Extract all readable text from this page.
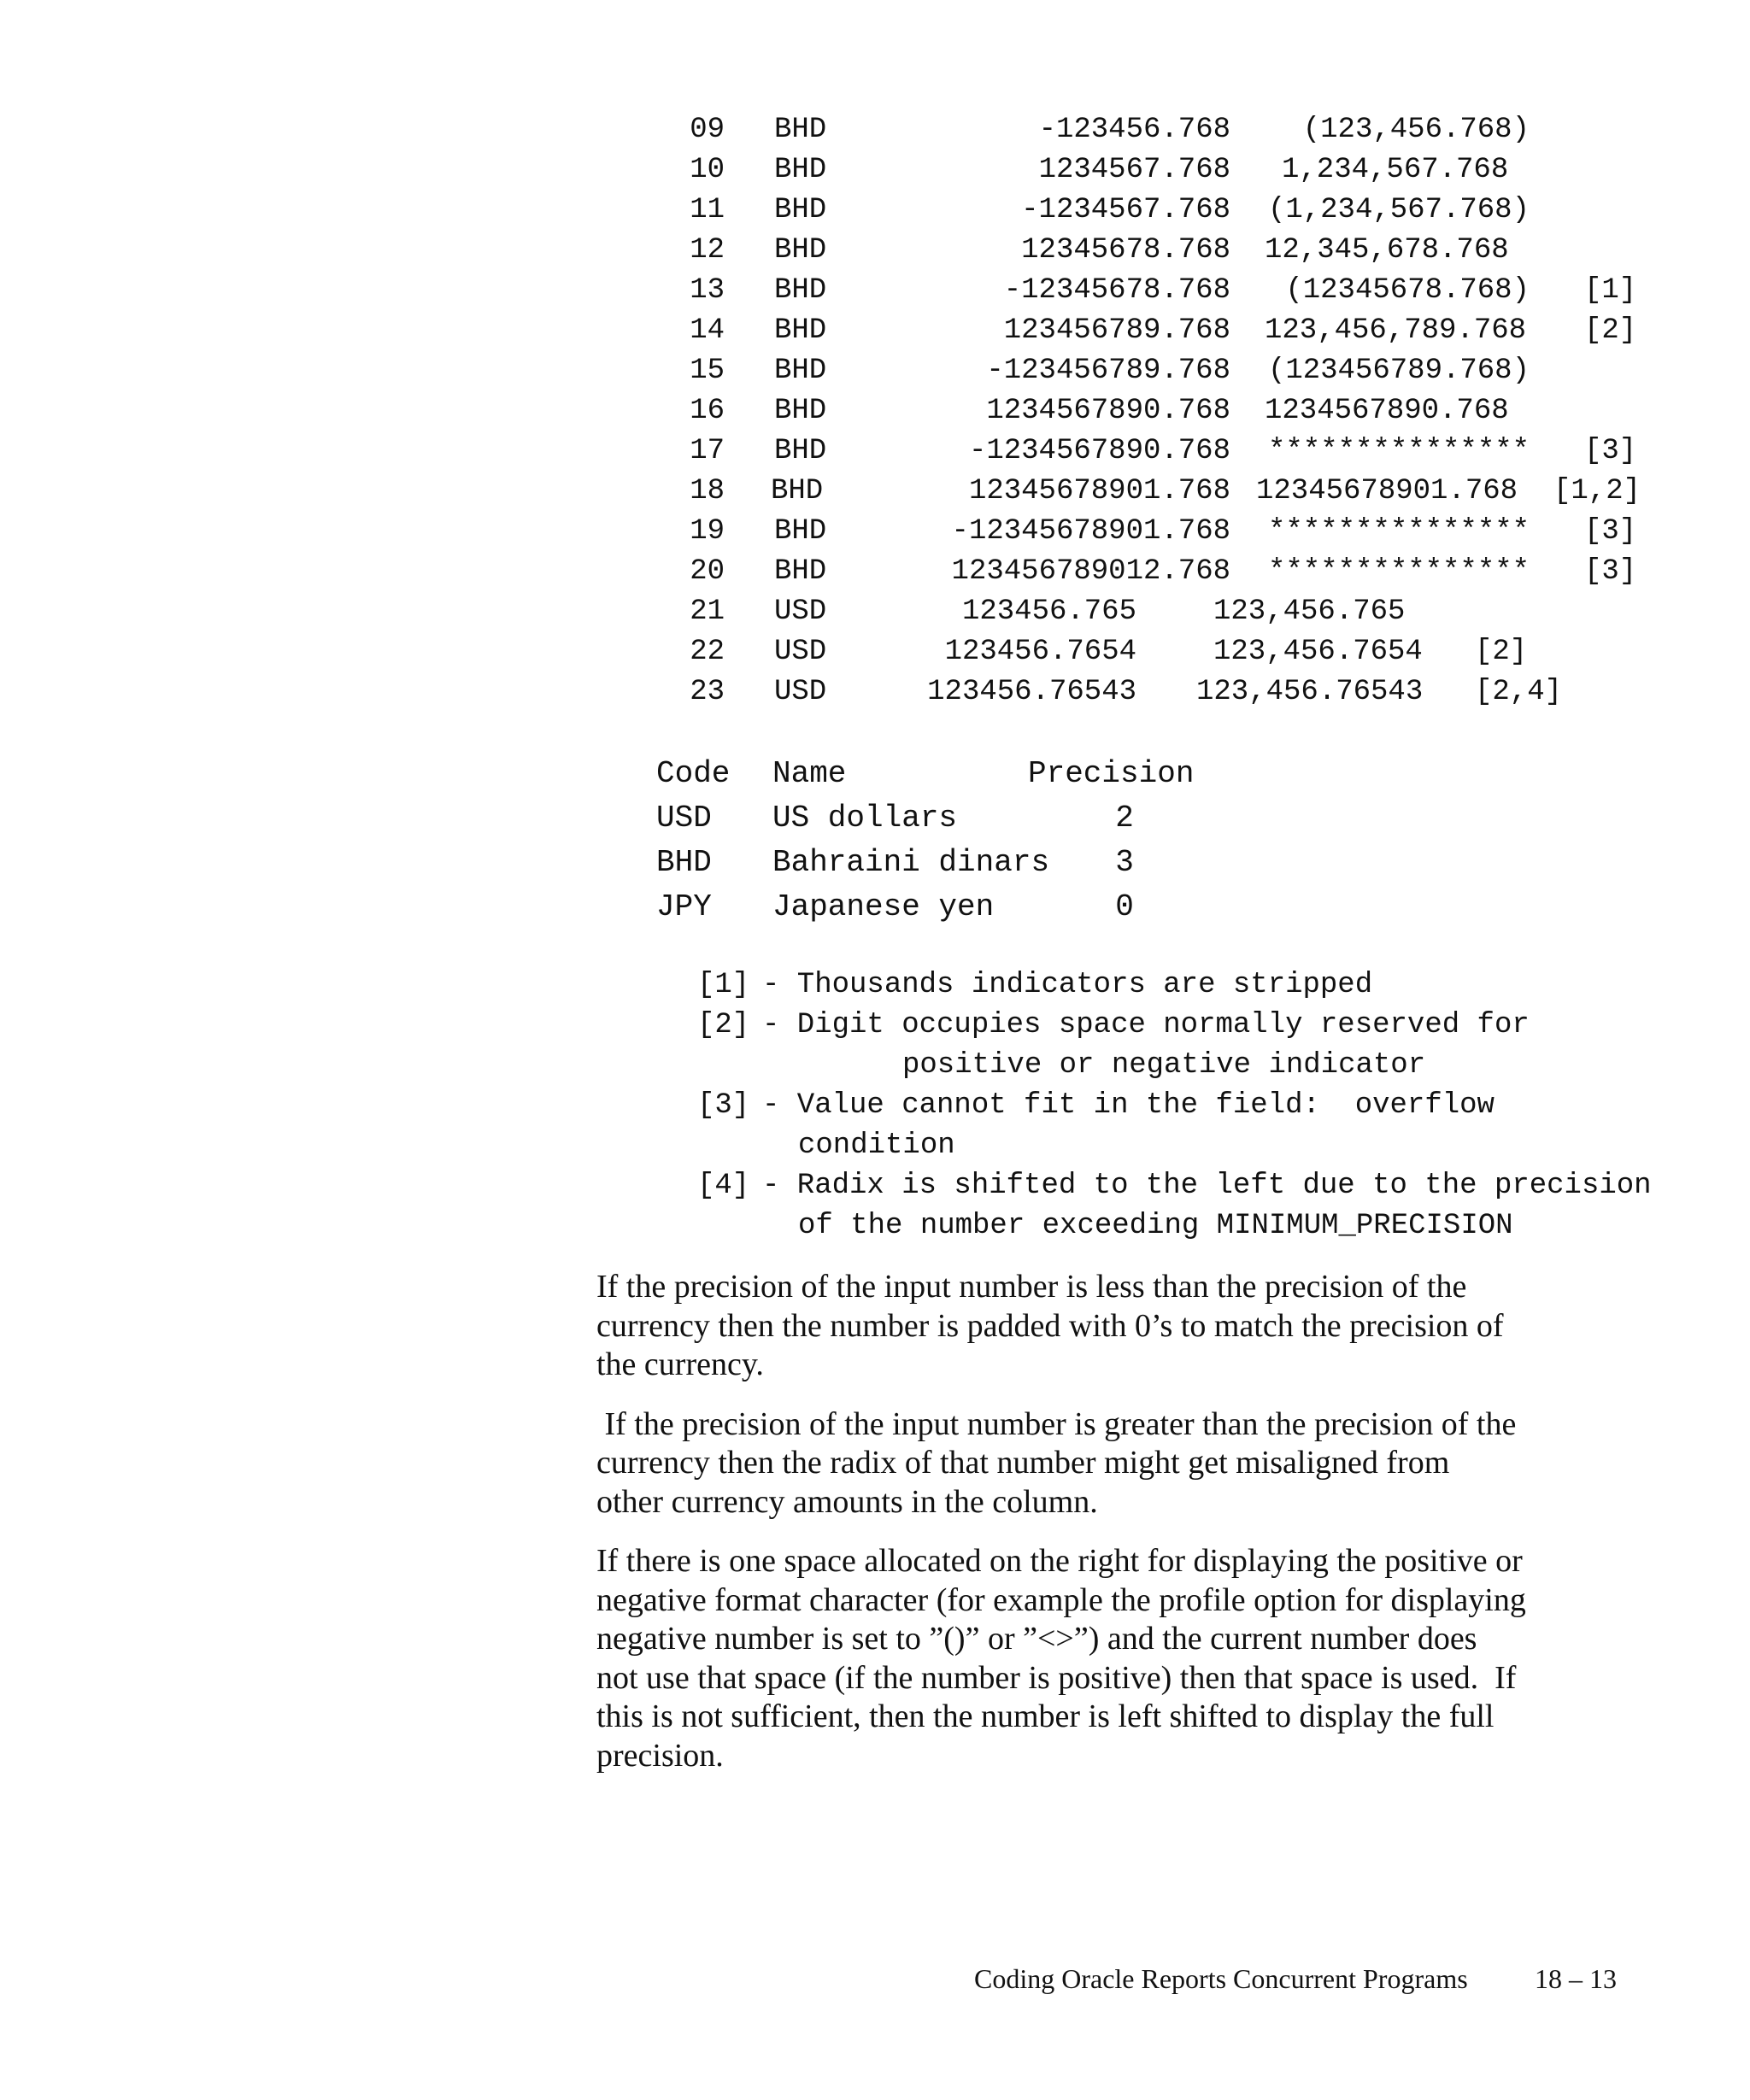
09 BHD	-123456.768 (123,456.768)
10 BHD	1234567.768 1,234,567.768
11 BHD	-1234567.768 (1,234,567.768)
12 BHD	12345678.768 12,345,678.768
13 BHD	-12345678.768 (12345678.768) [1]
14 BHD	123456789.768 123,456,789.768 [2]
15 BHD	-123456789.768 (123456789.768)
16 BHD	1234567890.768 1234567890.768
17 BHD	-1234567890.768 *************** [3]
18 BHD	12345678901.768 12345678901.768 [1,2]
19 BHD	-12345678901.768 *************** [3]
20 BHD	123456789012.768 *************** [3]
21 USD	123456.765	123,456.765
22 USD	123456.7654	123,456.7654 [2]
23 USD	123456.76543 123,456.76543 [2,4]
Code Name	Precision
USD US dollars	2
BHD Bahraini dinars 3
JPY Japanese yen	0
[1] - Thousands indicators are stripped
[2] - Digit occupies space normally reserved for
positive or negative indicator
[3] - Value cannot fit in the field:  overflow
condition
[4] - Radix is shifted to the left due to the precision
of the number exceeding MINIMUM_PRECISION

If the precision of the input number is less than the precision of the
currency then the number is padded with 0’s to match the precision of
the currency.

If the precision of the input number is greater than the precision of the
currency then the radix of that number might get misaligned from
other currency amounts in the column.

If there is one space allocated on the right for displaying the positive or
negative format character (for example the profile option for displaying
negative number is set to ”()” or ”<>”) and the current number does
not use that space (if the number is positive) then that space is used.  If
this is not sufficient, then the number is left shifted to display the full
precision.

Coding Oracle Reports Concurrent Programs 18 – 13
